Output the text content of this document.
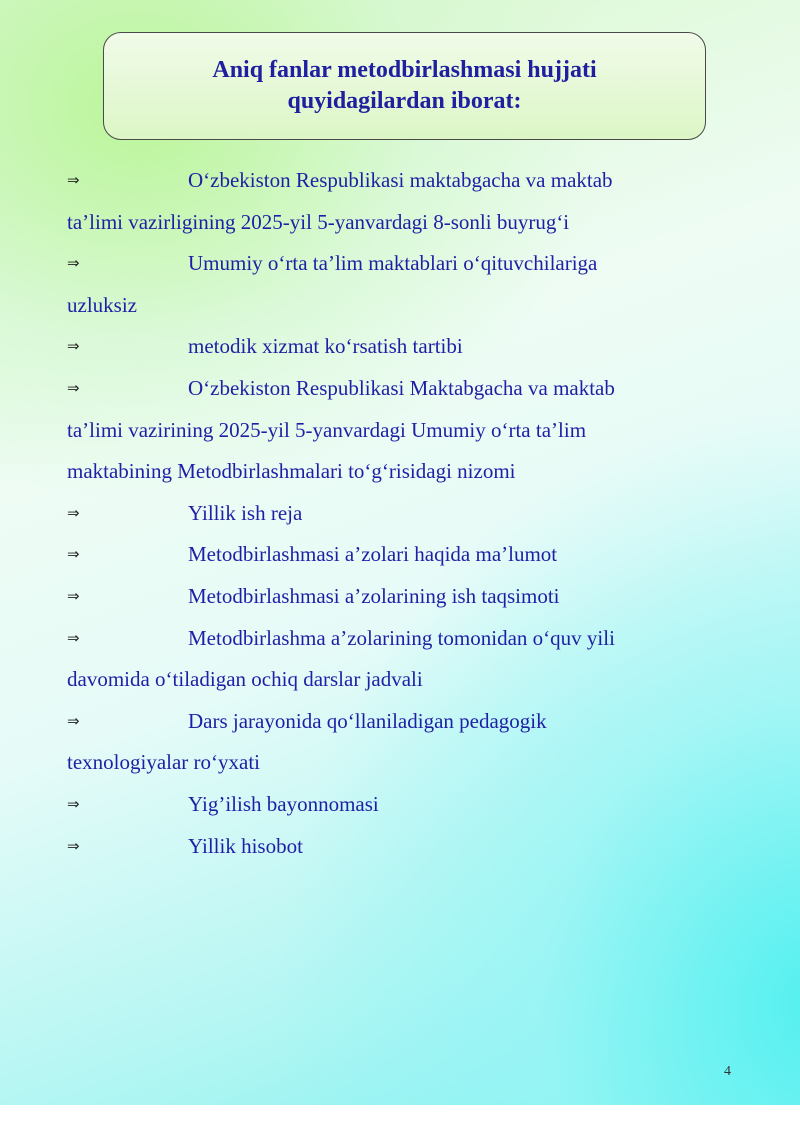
Aniq fanlar metodbirlashmasi hujjati
quyidagilardan iborat:
⇒	O‘zbekiston Respublikasi maktabgacha va maktab
ta’limi vazirligining 2025-yil 5-yanvardagi 8-sonli buyrug‘i
⇒	Umumiy o‘rta ta’lim maktablari o‘qituvchilariga
uzluksiz
⇒	metodik xizmat ko‘rsatish tartibi
⇒	O‘zbekiston Respublikasi Maktabgacha va maktab
ta’limi vazirining 2025-yil 5-yanvardagi Umumiy o‘rta ta’lim
maktabining Metodbirlashmalari to‘g‘risidagi nizomi
⇒	Yillik ish reja
⇒	Metodbirlashmasi a’zolari haqida ma’lumot
⇒	Metodbirlashmasi a’zolarining ish taqsimoti
⇒	Metodbirlashma a’zolarining tomonidan o‘quv yili
davomida o‘tiladigan ochiq darslar jadvali
⇒	Dars jarayonida qo‘llaniladigan pedagogik
texnologiyalar ro‘yxati
⇒	Yig’ilish bayonnomasi
⇒	Yillik hisobot
4
